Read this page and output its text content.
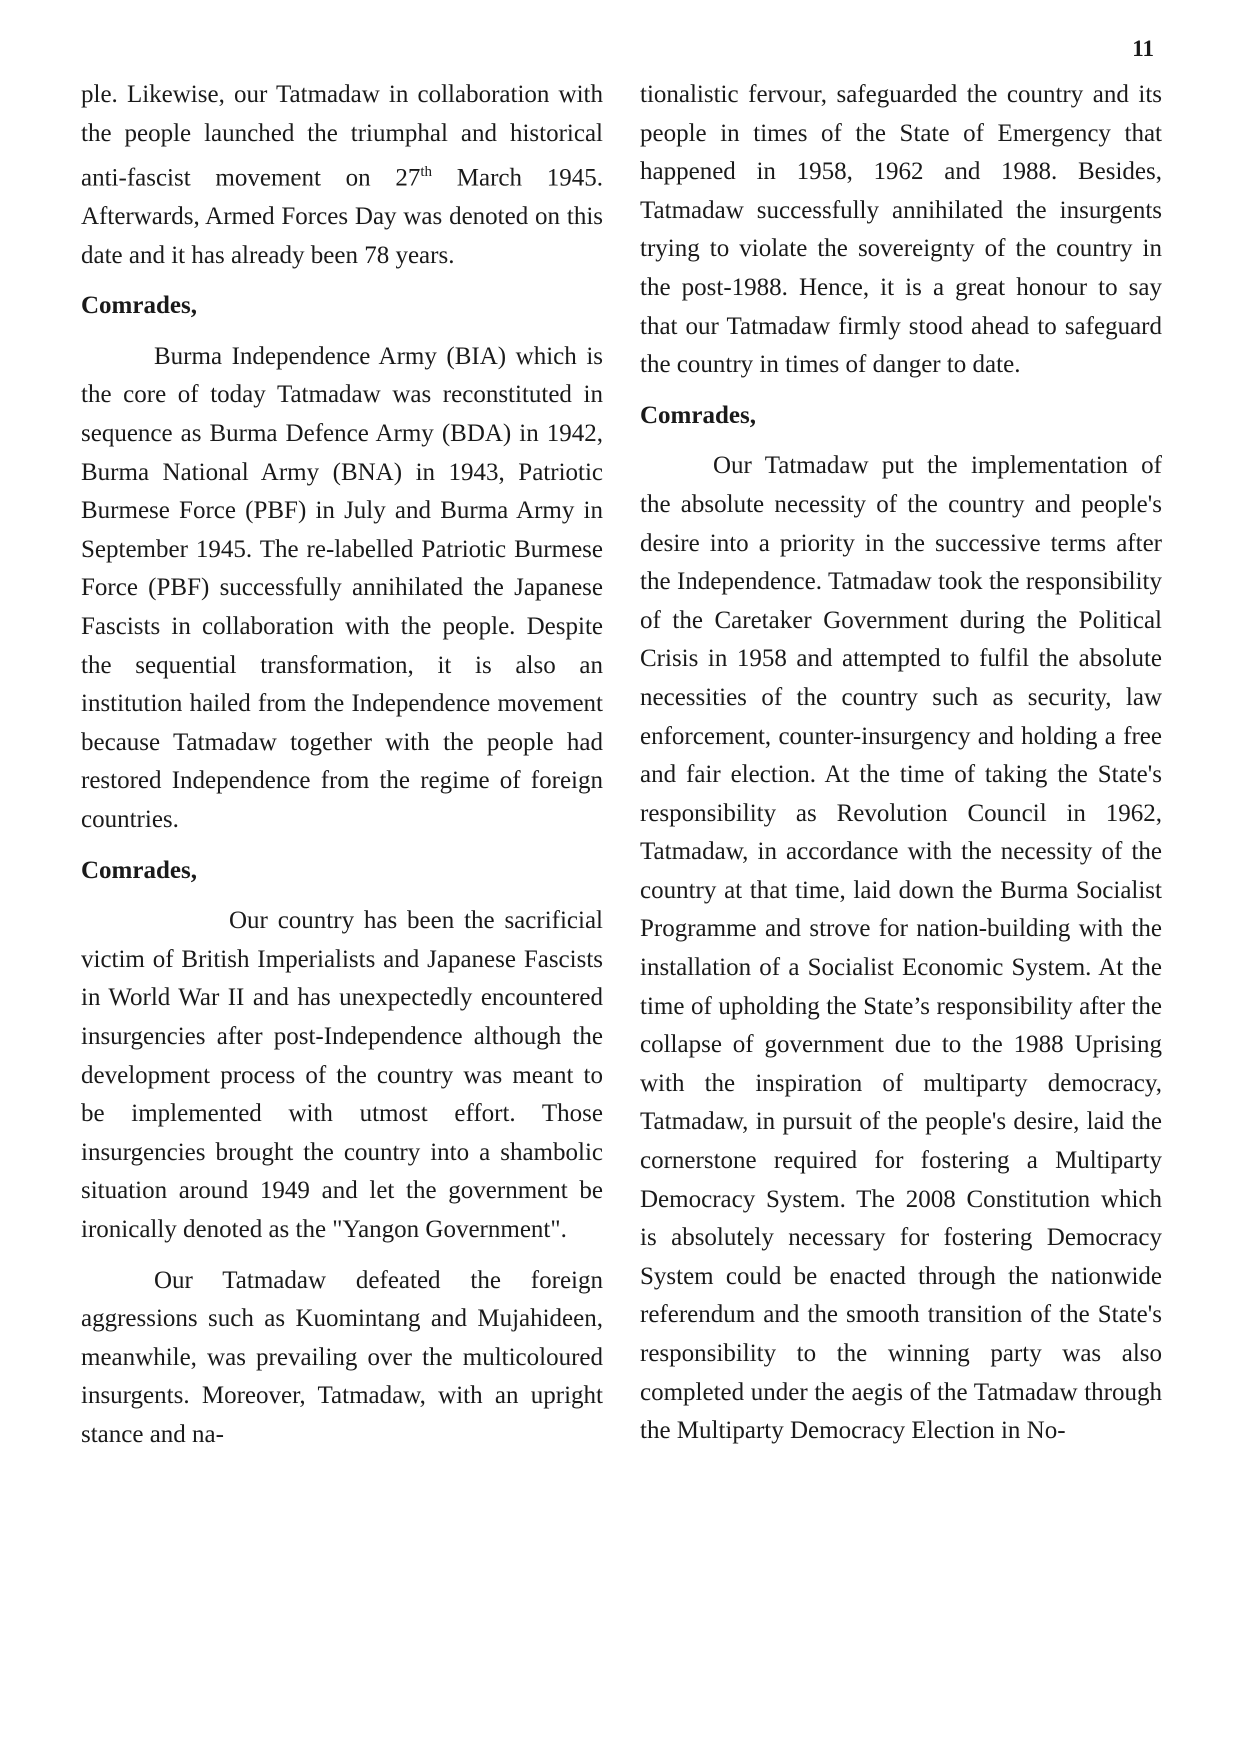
11

ple. Likewise, our Tatmadaw in collaboration with the people launched the triumphal and historical anti-fascist movement on 27th March 1945. Afterwards, Armed Forces Day was denoted on this date and it has already been 78 years.

Comrades,

Burma Independence Army (BIA) which is the core of today Tatmadaw was reconstituted in sequence as Burma Defence Army (BDA) in 1942, Burma National Army (BNA) in 1943, Patriotic Burmese Force (PBF) in July and Burma Army in September 1945. The re-labelled Patriotic Burmese Force (PBF) successfully annihilated the Japanese Fascists in collaboration with the people. Despite the sequential transformation, it is also an institution hailed from the Independence movement because Tatmadaw together with the people had restored Independence from the regime of foreign countries.

Comrades,

Our country has been the sacrificial victim of British Imperialists and Japanese Fascists in World War II and has unexpectedly encountered insurgencies after post-Independence although the development process of the country was meant to be implemented with utmost effort. Those insurgencies brought the country into a shambolic situation around 1949 and let the government be ironically denoted as the "Yangon Government".

Our Tatmadaw defeated the foreign aggressions such as Kuomintang and Mujahideen, meanwhile, was prevailing over the multicoloured insurgents. Moreover, Tatmadaw, with an upright stance and na-

tionalistic fervour, safeguarded the country and its people in times of the State of Emergency that happened in 1958, 1962 and 1988. Besides, Tatmadaw successfully annihilated the insurgents trying to violate the sovereignty of the country in the post-1988. Hence, it is a great honour to say that our Tatmadaw firmly stood ahead to safeguard the country in times of danger to date.

Comrades,

Our Tatmadaw put the implementation of the absolute necessity of the country and people's desire into a priority in the successive terms after the Independence. Tatmadaw took the responsibility of the Caretaker Government during the Political Crisis in 1958 and attempted to fulfil the absolute necessities of the country such as security, law enforcement, counter-insurgency and holding a free and fair election. At the time of taking the State's responsibility as Revolution Council in 1962, Tatmadaw, in accordance with the necessity of the country at that time, laid down the Burma Socialist Programme and strove for nation-building with the installation of a Socialist Economic System. At the time of upholding the State’s responsibility after the collapse of government due to the 1988 Uprising with the inspiration of multiparty democracy, Tatmadaw, in pursuit of the people's desire, laid the cornerstone required for fostering a Multiparty Democracy System. The 2008 Constitution which is absolutely necessary for fostering Democracy System could be enacted through the nationwide referendum and the smooth transition of the State's responsibility to the winning party was also completed under the aegis of the Tatmadaw through the Multiparty Democracy Election in No-
